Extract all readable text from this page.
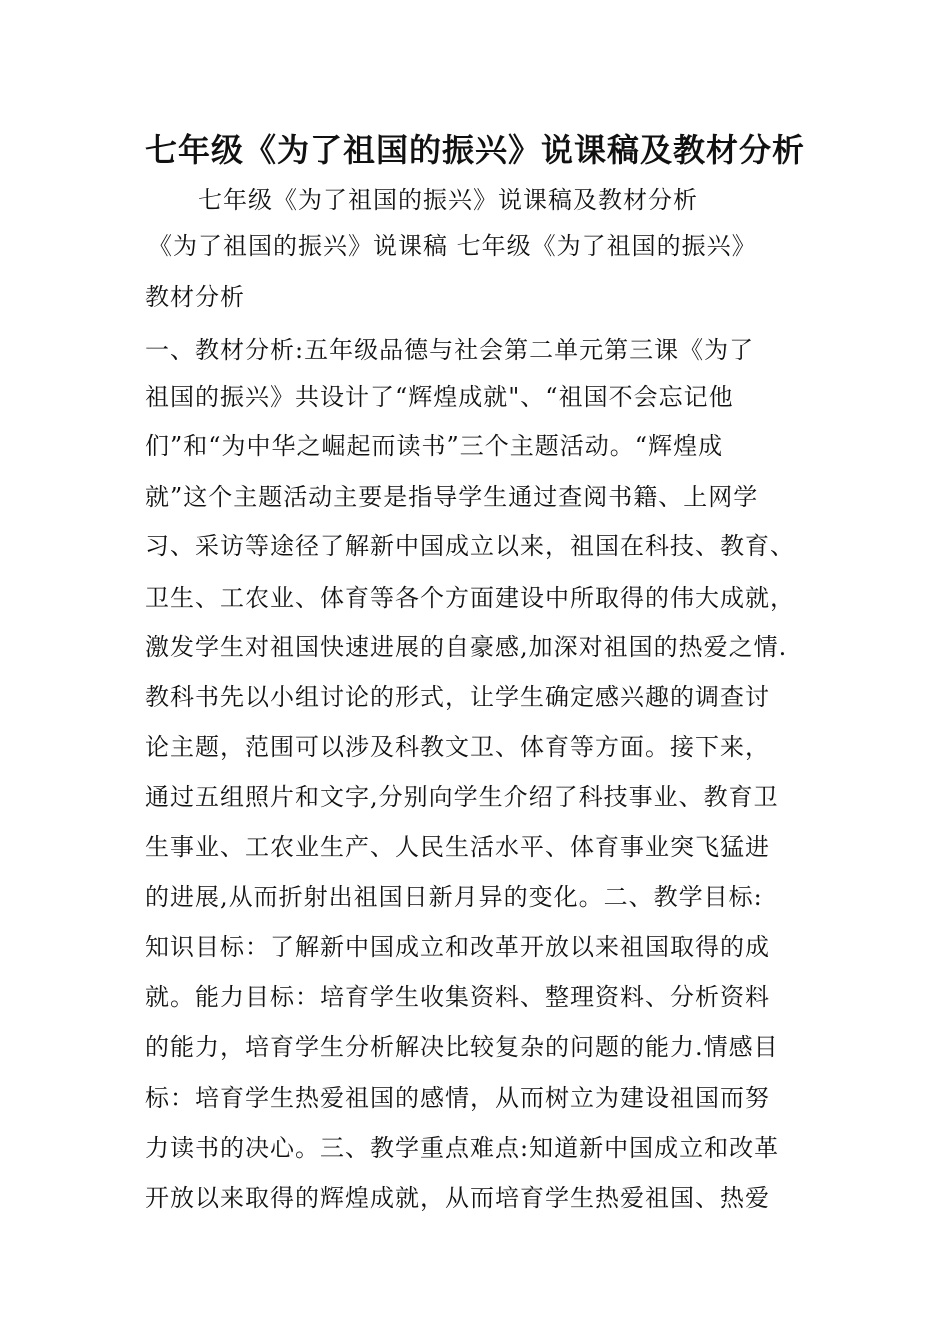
七年级《为了祖国的振兴》说课稿及教材分析
七年级《为了祖国的振兴》说课稿及教材分析
《为了祖国的振兴》说课稿 七年级《为了祖国的振兴》
教材分析
一、教材分析:五年级品德与社会第二单元第三课《为了
祖国的振兴》共设计了“辉煌成就"、“祖国不会忘记他
们”和“为中华之崛起而读书”三个主题活动。“辉煌成
就”这个主题活动主要是指导学生通过查阅书籍、上网学
习、采访等途径了解新中国成立以来，祖国在科技、教育、
卫生、工农业、体育等各个方面建设中所取得的伟大成就，
激发学生对祖国快速进展的自豪感,加深对祖国的热爱之情.
教科书先以小组讨论的形式，让学生确定感兴趣的调查讨
论主题，范围可以涉及科教文卫、体育等方面。接下来，
通过五组照片和文字,分别向学生介绍了科技事业、教育卫
生事业、工农业生产、人民生活水平、体育事业突飞猛进
的进展,从而折射出祖国日新月异的变化。二、教学目标:
知识目标：了解新中国成立和改革开放以来祖国取得的成
就。能力目标：培育学生收集资料、整理资料、分析资料
的能力，培育学生分析解决比较复杂的问题的能力.情感目
标：培育学生热爱祖国的感情，从而树立为建设祖国而努
力读书的决心。三、教学重点难点:知道新中国成立和改革
开放以来取得的辉煌成就，从而培育学生热爱祖国、热爱
